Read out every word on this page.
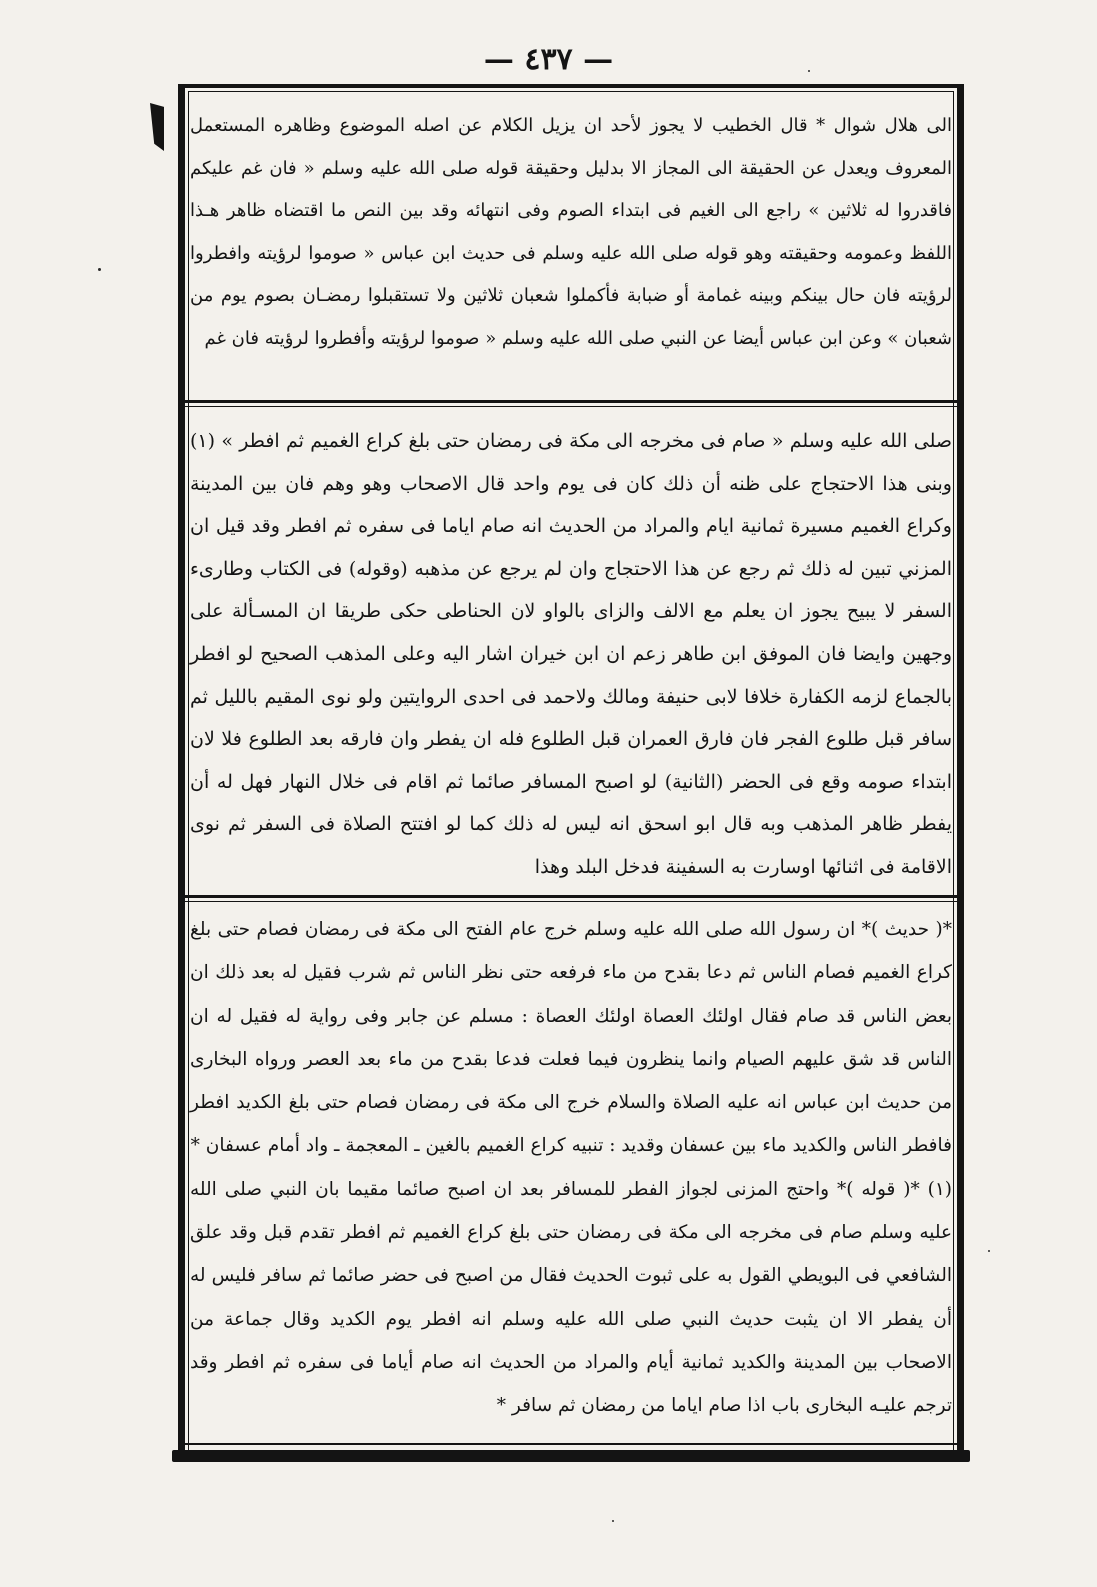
— ٤٣٧ —

الى هلال شوال * قال الخطيب لا يجوز لأحد ان يزيل الكلام عن اصله الموضوع وظاهره المستعمل المعروف ويعدل عن الحقيقة الى المجاز الا بدليل وحقيقة قوله صلى الله عليه وسلم « فان غم عليكم فاقدروا له ثلاثين » راجع الى الغيم فى ابتداء الصوم وفى انتهائه وقد بين النص ما اقتضاه ظاهر هـذا اللفظ وعمومه وحقيقته وهو قوله صلى الله عليه وسلم فى حديث ابن عباس « صوموا لرؤيته وافطروا لرؤيته فان حال بينكم وبينه غمامة أو ضبابة فأكملوا شعبان ثلاثين ولا تستقبلوا رمضـان بصوم يوم من شعبان » وعن ابن عباس أيضا عن النبي صلى الله عليه وسلم « صوموا لرؤيته وأفطروا لرؤيته فان غم

صلى الله عليه وسلم « صام فى مخرجه الى مكة فى رمضان حتى بلغ كراع الغميم ثم افطر » (١) وبنى هذا الاحتجاج على ظنه أن ذلك كان فى يوم واحد قال الاصحاب وهو وهم فان بين المدينة وكراع الغميم مسيرة ثمانية ايام والمراد من الحديث انه صام اياما فى سفره ثم افطر وقد قيل ان المزني تبين له ذلك ثم رجع عن هذا الاحتجاج وان لم يرجع عن مذهبه (وقوله) فى الكتاب وطارىء السفر لا يبيح يجوز ان يعلم مع الالف والزاى بالواو لان الحناطى حكى طريقا ان المسـألة على وجهين وايضا فان الموفق ابن طاهر زعم ان ابن خيران اشار اليه وعلى المذهب الصحيح لو افطر بالجماع لزمه الكفارة خلافا لابى حنيفة ومالك ولاحمد فى احدى الروايتين ولو نوى المقيم بالليل ثم سافر قبل طلوع الفجر فان فارق العمران قبل الطلوع فله ان يفطر وان فارقه بعد الطلوع فلا لان ابتداء صومه وقع فى الحضر (الثانية) لو اصبح المسافر صائما ثم اقام فى خلال النهار فهل له أن يفطر ظاهر المذهب وبه قال ابو اسحق انه ليس له ذلك كما لو افتتح الصلاة فى السفر ثم نوى الاقامة فى اثنائها اوسارت به السفينة فدخل البلد وهذا

*( حديث )* ان رسول الله صلى الله عليه وسلم خرج عام الفتح الى مكة فى رمضان فصام حتى بلغ كراع الغميم فصام الناس ثم دعا بقدح من ماء فرفعه حتى نظر الناس ثم شرب فقيل له بعد ذلك ان بعض الناس قد صام فقال اولئك العصاة اولئك العصاة : مسلم عن جابر وفى رواية له فقيل له ان الناس قد شق عليهم الصيام وانما ينظرون فيما فعلت فدعا بقدح من ماء بعد العصر ورواه البخارى من حديث ابن عباس انه عليه الصلاة والسلام خرج الى مكة فى رمضان فصام حتى بلغ الكديد افطر فافطر الناس والكديد ماء بين عسفان وقديد : تنبيه كراع الغميم بالغين ـ المعجمة ـ واد أمام عسفان *

(١) *( قوله )* واحتج المزنى لجواز الفطر للمسافر بعد ان اصبح صائما مقيما بان النبي صلى الله عليه وسلم صام فى مخرجه الى مكة فى رمضان حتى بلغ كراع الغميم ثم افطر تقدم قبل وقد علق الشافعي فى البويطي القول به على ثبوت الحديث فقال من اصبح فى حضر صائما ثم سافر فليس له أن يفطر الا ان يثبت حديث النبي صلى الله عليه وسلم انه افطر يوم الكديد وقال جماعة من الاصحاب بين المدينة والكديد ثمانية أيام والمراد من الحديث انه صام أياما فى سفره ثم افطر وقد ترجم عليـه البخارى باب اذا صام اياما من رمضان ثم سافر *
